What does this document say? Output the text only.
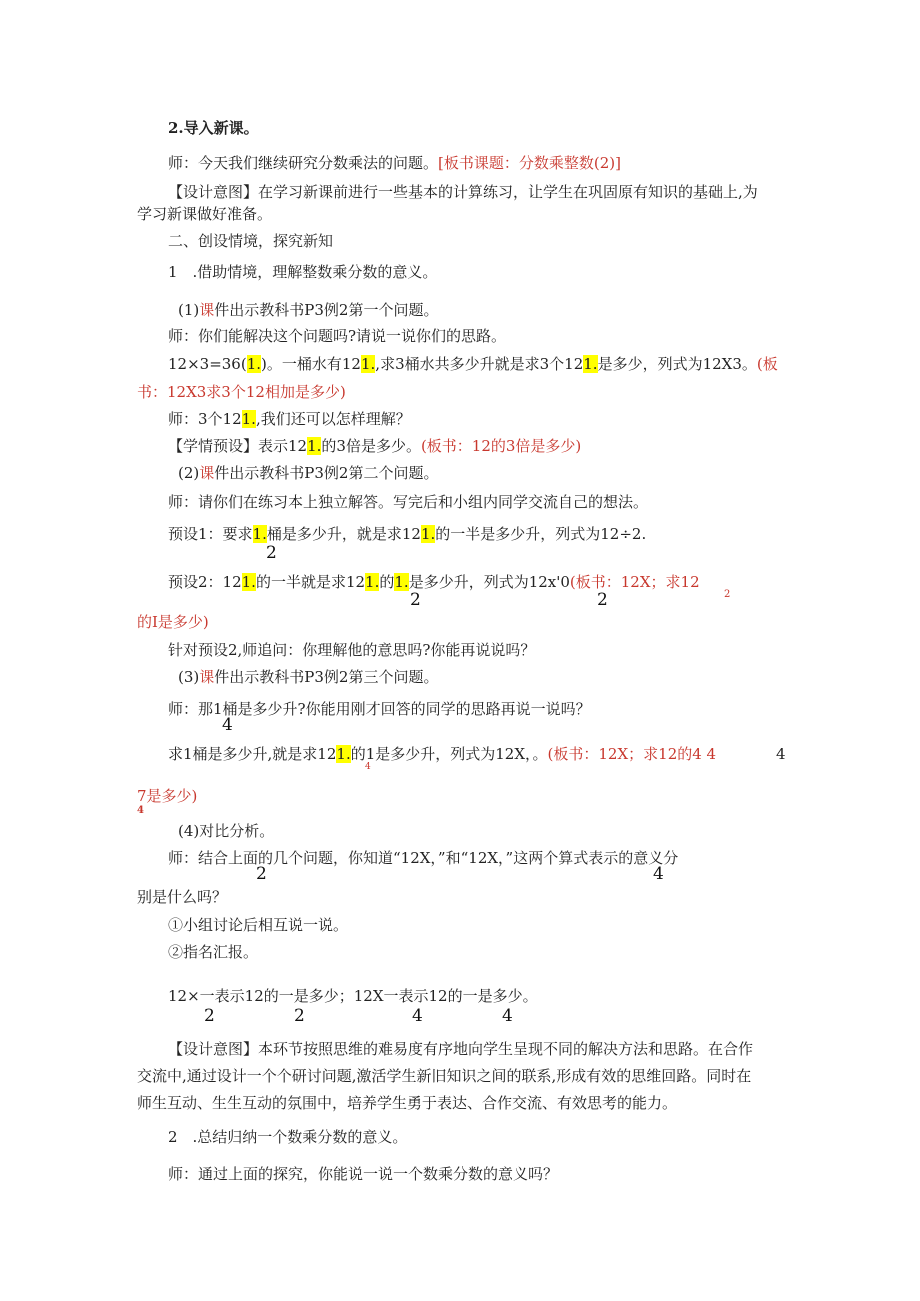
2.导入新课。
师：今天我们继续研究分数乘法的问题。[板书课题：分数乘整数(2)]
【设计意图】在学习新课前进行一些基本的计算练习，让学生在巩固原有知识的基础上,为
学习新课做好准备。
二、创设情境，探究新知
1　.借助情境，理解整数乘分数的意义。
(1)课件出示教科书P3例2第一个问题。
师：你们能解决这个问题吗?请说一说你们的思路。
12×3=36(1.)。一桶水有121.,求3桶水共多少升就是求3个121.是多少，列式为12X3。(板
书：12X3求3个12相加是多少)
师：3个121.,我们还可以怎样理解？
【学情预设】表示121.的3倍是多少。(板书：12的3倍是多少)
(2)课件出示教科书P3例2第二个问题。
师：请你们在练习本上独立解答。写完后和小组内同学交流自己的想法。
预设1：要求1.桶是多少升，就是求121.的一半是多少升，列式为12÷2.
2
预设2：121.的一半就是求121.的1.是多少升，列式为12x'0(板书：12X；求12
2	2	2
的I是多少)
针对预设2,师追问：你理解他的意思吗?你能再说说吗？
(3)课件出示教科书P3例2第三个问题。
师：那1桶是多少升?你能用刚才回答的同学的思路再说一说吗？
4
求1桶是多少升,就是求121.的1是多少升，列式为12X，。(板书：12X；求12的4 4
4
4
7是多少)
4
(4)对比分析。
师：结合上面的几个问题，你知道“12X，”和“12X，”这两个算式表示的意义分
2	4
别是什么吗？
①小组讨论后相互说一说。
②指名汇报。
12×一表示12的一是多少；12X一表示12的一是多少。
2	2	4	4
【设计意图】本环节按照思维的难易度有序地向学生呈现不同的解决方法和思路。在合作
交流中,通过设计一个个研讨问题,激活学生新旧知识之间的联系,形成有效的思维回路。同时在
师生互动、生生互动的氛围中，培养学生勇于表达、合作交流、有效思考的能力。
2　.总结归纳一个数乘分数的意义。
师：通过上面的探究，你能说一说一个数乘分数的意义吗？
